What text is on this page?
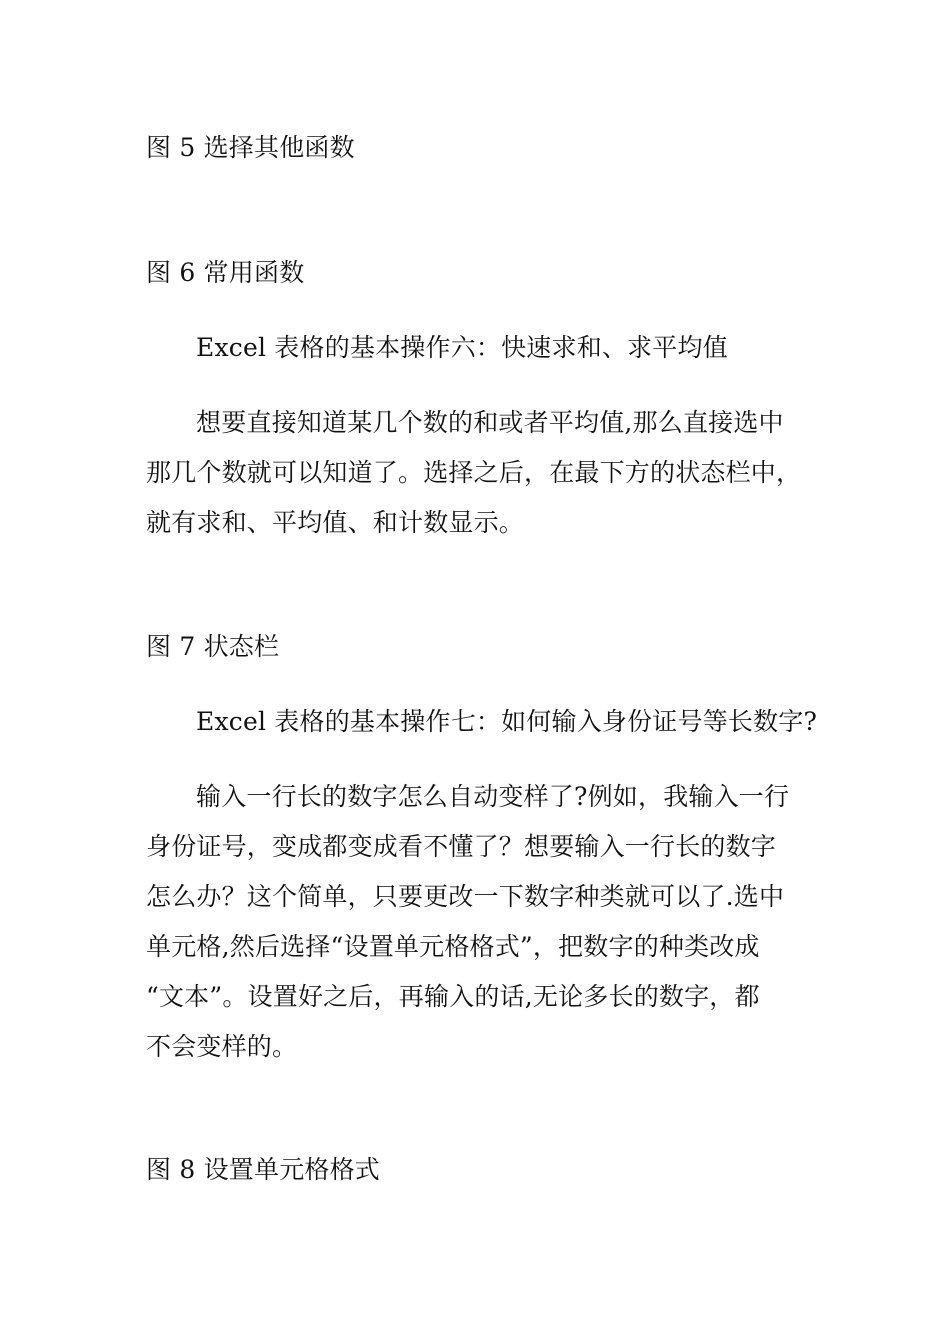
图 5 选择其他函数
图 6 常用函数
Excel 表格的基本操作六：快速求和、求平均值
想要直接知道某几个数的和或者平均值,那么直接选中
那几个数就可以知道了。选择之后，在最下方的状态栏中，
就有求和、平均值、和计数显示。
图 7 状态栏
Excel 表格的基本操作七：如何输入身份证号等长数字?
输入一行长的数字怎么自动变样了?例如，我输入一行
身份证号，变成都变成看不懂了？想要输入一行长的数字
怎么办？这个简单，只要更改一下数字种类就可以了.选中
单元格,然后选择“设置单元格格式”，把数字的种类改成
“文本”。设置好之后，再输入的话,无论多长的数字，都
不会变样的。
图 8 设置单元格格式
